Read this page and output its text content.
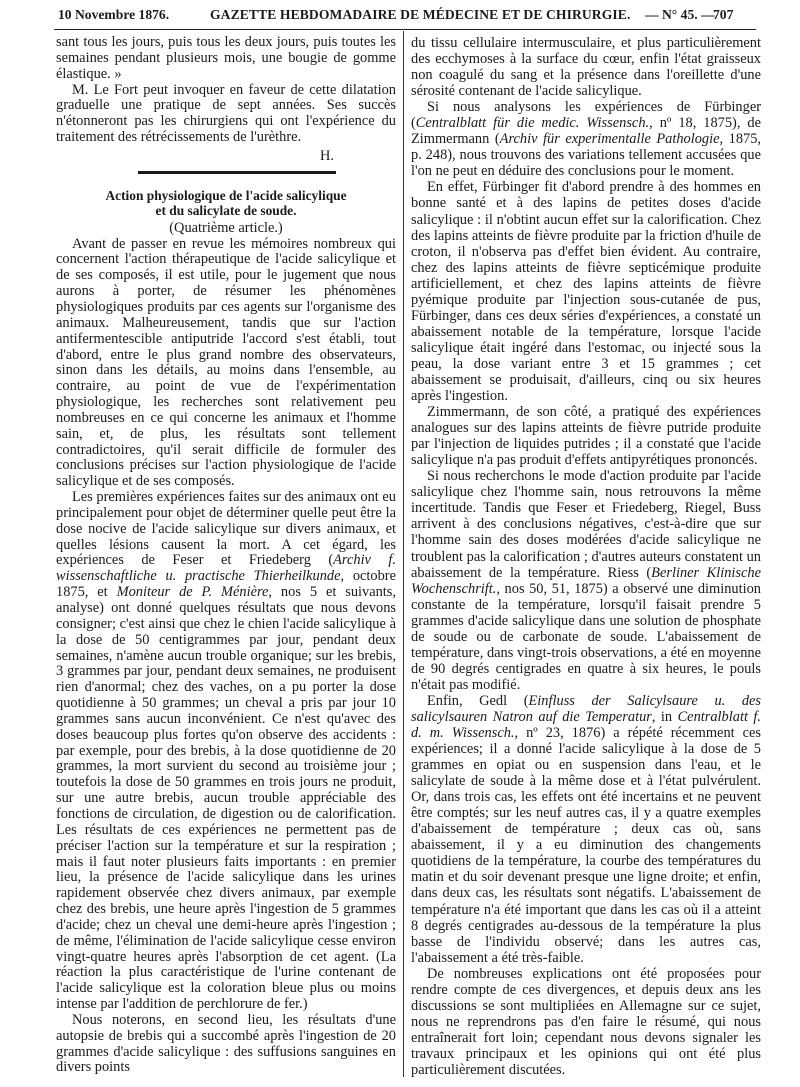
10 Novembre 1876.	GAZETTE HEBDOMADAIRE DE MÉDECINE ET DE CHIRURGIE. — N° 45. —
707

sant tous les jours, puis tous les deux jours, puis toutes les semaines pendant plusieurs mois, une bougie de gomme élastique. »

M. Le Fort peut invoquer en faveur de cette dilatation graduelle une pratique de sept années. Ses succès n'étonneront pas les chirurgiens qui ont l'expérience du traitement des rétrécissements de l'urèthre.

H.

Action physiologique de l'acide salicylique
et du salicylate de soude.

(Quatrième article.)

Avant de passer en revue les mémoires nombreux qui concernent l'action thérapeutique de l'acide salicylique et de ses composés, il est utile, pour le jugement que nous aurons à porter, de résumer les phénomènes physiologiques produits par ces agents sur l'organisme des animaux. Malheureusement, tandis que sur l'action antifermentescible antiputride l'accord s'est établi, tout d'abord, entre le plus grand nombre des observateurs, sinon dans les détails, au moins dans l'ensemble, au contraire, au point de vue de l'expérimentation physiologique, les recherches sont relativement peu nombreuses en ce qui concerne les animaux et l'homme sain, et, de plus, les résultats sont tellement contradictoires, qu'il serait difficile de formuler des conclusions précises sur l'action physiologique de l'acide salicylique et de ses composés.

Les premières expériences faites sur des animaux ont eu principalement pour objet de déterminer quelle peut être la dose nocive de l'acide salicylique sur divers animaux, et quelles lésions causent la mort. A cet égard, les expériences de Feser et Friedeberg (Archiv f. wissenschaftliche u. practische Thierheilkunde, octobre 1875, et Moniteur de P. Ménière, nos 5 et suivants, analyse) ont donné quelques résultats que nous devons consigner; c'est ainsi que chez le chien l'acide salicylique à la dose de 50 centigrammes par jour, pendant deux semaines, n'amène aucun trouble organique; sur les brebis, 3 grammes par jour, pendant deux semaines, ne produisent rien d'anormal; chez des vaches, on a pu porter la dose quotidienne à 50 grammes; un cheval a pris par jour 10 grammes sans aucun inconvénient. Ce n'est qu'avec des doses beaucoup plus fortes qu'on observe des accidents : par exemple, pour des brebis, à la dose quotidienne de 20 grammes, la mort survient du second au troisième jour ; toutefois la dose de 50 grammes en trois jours ne produit, sur une autre brebis, aucun trouble appréciable des fonctions de circulation, de digestion ou de calorification. Les résultats de ces expériences ne permettent pas de préciser l'action sur la température et sur la respiration ; mais il faut noter plusieurs faits importants : en premier lieu, la présence de l'acide salicylique dans les urines rapidement observée chez divers animaux, par exemple chez des brebis, une heure après l'ingestion de 5 grammes d'acide; chez un cheval une demi-heure après l'ingestion ; de même, l'élimination de l'acide salicylique cesse environ vingt-quatre heures après l'absorption de cet agent. (La réaction la plus caractéristique de l'urine contenant de l'acide salicylique est la coloration bleue plus ou moins intense par l'addition de perchlorure de fer.)

Nous noterons, en second lieu, les résultats d'une autopsie de brebis qui a succombé après l'ingestion de 20 grammes d'acide salicylique : des suffusions sanguines en divers points

du tissu cellulaire intermusculaire, et plus particulièrement des ecchymoses à la surface du cœur, enfin l'état graisseux non coagulé du sang et la présence dans l'oreillette d'une sérosité contenant de l'acide salicylique.

Si nous analysons les expériences de Fürbinger (Centralblatt für die medic. Wissensch., nº 18, 1875), de Zimmermann (Archiv für experimentalle Pathologie, 1875, p. 248), nous trouvons des variations tellement accusées que l'on ne peut en déduire des conclusions pour le moment.

En effet, Fürbinger fit d'abord prendre à des hommes en bonne santé et à des lapins de petites doses d'acide salicylique : il n'obtint aucun effet sur la calorification. Chez des lapins atteints de fièvre produite par la friction d'huile de croton, il n'observa pas d'effet bien évident. Au contraire, chez des lapins atteints de fièvre septicémique produite artificiellement, et chez des lapins atteints de fièvre pyémique produite par l'injection sous-cutanée de pus, Fürbinger, dans ces deux séries d'expériences, a constaté un abaissement notable de la température, lorsque l'acide salicylique était ingéré dans l'estomac, ou injecté sous la peau, la dose variant entre 3 et 15 grammes ; cet abaissement se produisait, d'ailleurs, cinq ou six heures après l'ingestion.

Zimmermann, de son côté, a pratiqué des expériences analogues sur des lapins atteints de fièvre putride produite par l'injection de liquides putrides ; il a constaté que l'acide salicylique n'a pas produit d'effets antipyrétiques prononcés.

Si nous recherchons le mode d'action produite par l'acide salicylique chez l'homme sain, nous retrouvons la même incertitude. Tandis que Feser et Friedeberg, Riegel, Buss arrivent à des conclusions négatives, c'est-à-dire que sur l'homme sain des doses modérées d'acide salicylique ne troublent pas la calorification ; d'autres auteurs constatent un abaissement de la température. Riess (Berliner Klinische Wochenschrift., nos 50, 51, 1875) a observé une diminution constante de la température, lorsqu'il faisait prendre 5 grammes d'acide salicylique dans une solution de phosphate de soude ou de carbonate de soude. L'abaissement de température, dans vingt-trois observations, a été en moyenne de 90 degrés centigrades en quatre à six heures, le pouls n'était pas modifié.

Enfin, Gedl (Einfluss der Salicylsaure u. des salicylsauren Natron auf die Temperatur, in Centralblatt f. d. m. Wissensch., nº 23, 1876) a répété récemment ces expériences; il a donné l'acide salicylique à la dose de 5 grammes en opiat ou en suspension dans l'eau, et le salicylate de soude à la même dose et à l'état pulvérulent. Or, dans trois cas, les effets ont été incertains et ne peuvent être comptés; sur les neuf autres cas, il y a quatre exemples d'abaissement de température ; deux cas où, sans abaissement, il y a eu diminution des changements quotidiens de la température, la courbe des températures du matin et du soir devenant presque une ligne droite; et enfin, dans deux cas, les résultats sont négatifs. L'abaissement de température n'a été important que dans les cas où il a atteint 8 degrés centigrades au-dessous de la température la plus basse de l'individu observé; dans les autres cas, l'abaissement a été très-faible.

De nombreuses explications ont été proposées pour rendre compte de ces divergences, et depuis deux ans les discussions se sont multipliées en Allemagne sur ce sujet, nous ne reprendrons pas d'en faire le résumé, qui nous entraînerait fort loin; cependant nous devons signaler les travaux principaux et les opinions qui ont été plus particulièrement discutées.
